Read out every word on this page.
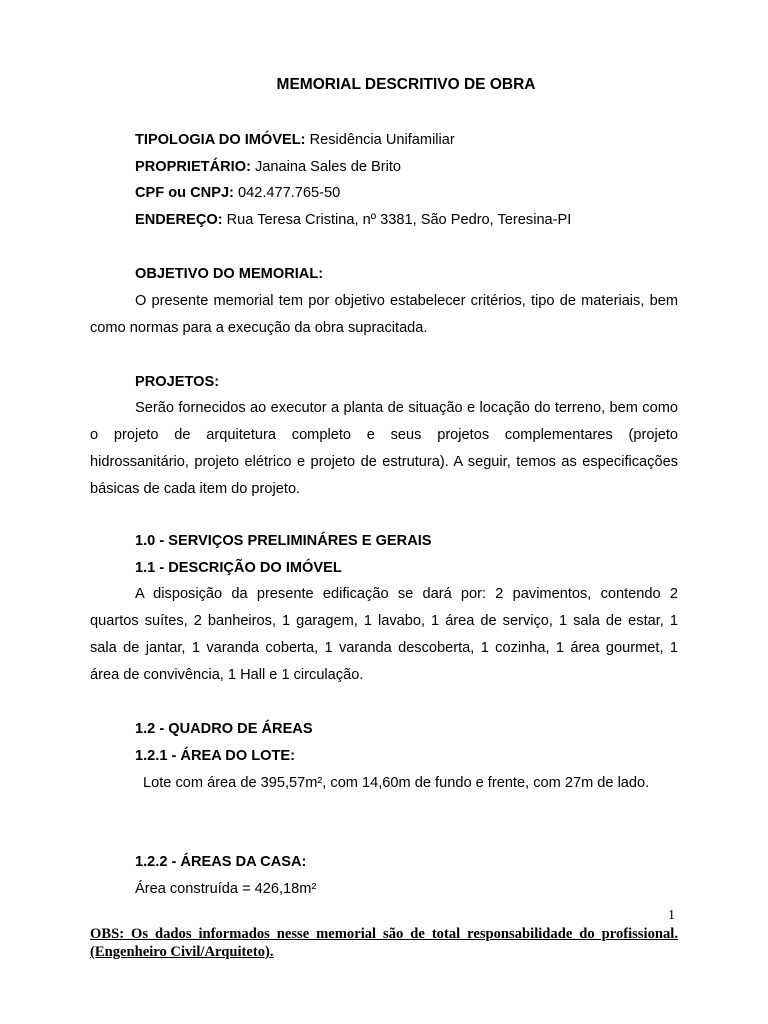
MEMORIAL DESCRITIVO DE OBRA
TIPOLOGIA DO IMÓVEL: Residência Unifamiliar
PROPRIETÁRIO: Janaina Sales de Brito
CPF ou CNPJ: 042.477.765-50
ENDEREÇO: Rua Teresa Cristina, nº 3381, São Pedro, Teresina-PI
OBJETIVO DO MEMORIAL:
O presente memorial tem por objetivo estabelecer critérios, tipo de materiais, bem
como normas para a execução da obra supracitada.
PROJETOS:
Serão fornecidos ao executor a planta de situação e locação do terreno, bem como
o projeto de arquitetura completo e seus projetos complementares (projeto
hidrossanitário, projeto elétrico e projeto de estrutura). A seguir, temos as especificações
básicas de cada item do projeto.
1.0 - SERVIÇOS PRELIMINÁRES E GERAIS
1.1 - DESCRIÇÃO DO IMÓVEL
A disposição da presente edificação se dará por: 2 pavimentos, contendo 2
quartos suítes, 2 banheiros, 1 garagem, 1 lavabo, 1 área de serviço, 1 sala de estar, 1
sala de jantar, 1 varanda coberta, 1 varanda descoberta, 1 cozinha, 1 área gourmet, 1
área de convivência, 1 Hall e 1 circulação.
1.2 - QUADRO DE ÁREAS
1.2.1 - ÁREA DO LOTE:
Lote com área de 395,57m², com 14,60m de fundo e frente, com 27m de lado.
1.2.2 - ÁREAS DA CASA:
Área construída = 426,18m²
1
OBS: Os dados informados nesse memorial são de total responsabilidade do profissional.
(Engenheiro Civil/Arquiteto).
